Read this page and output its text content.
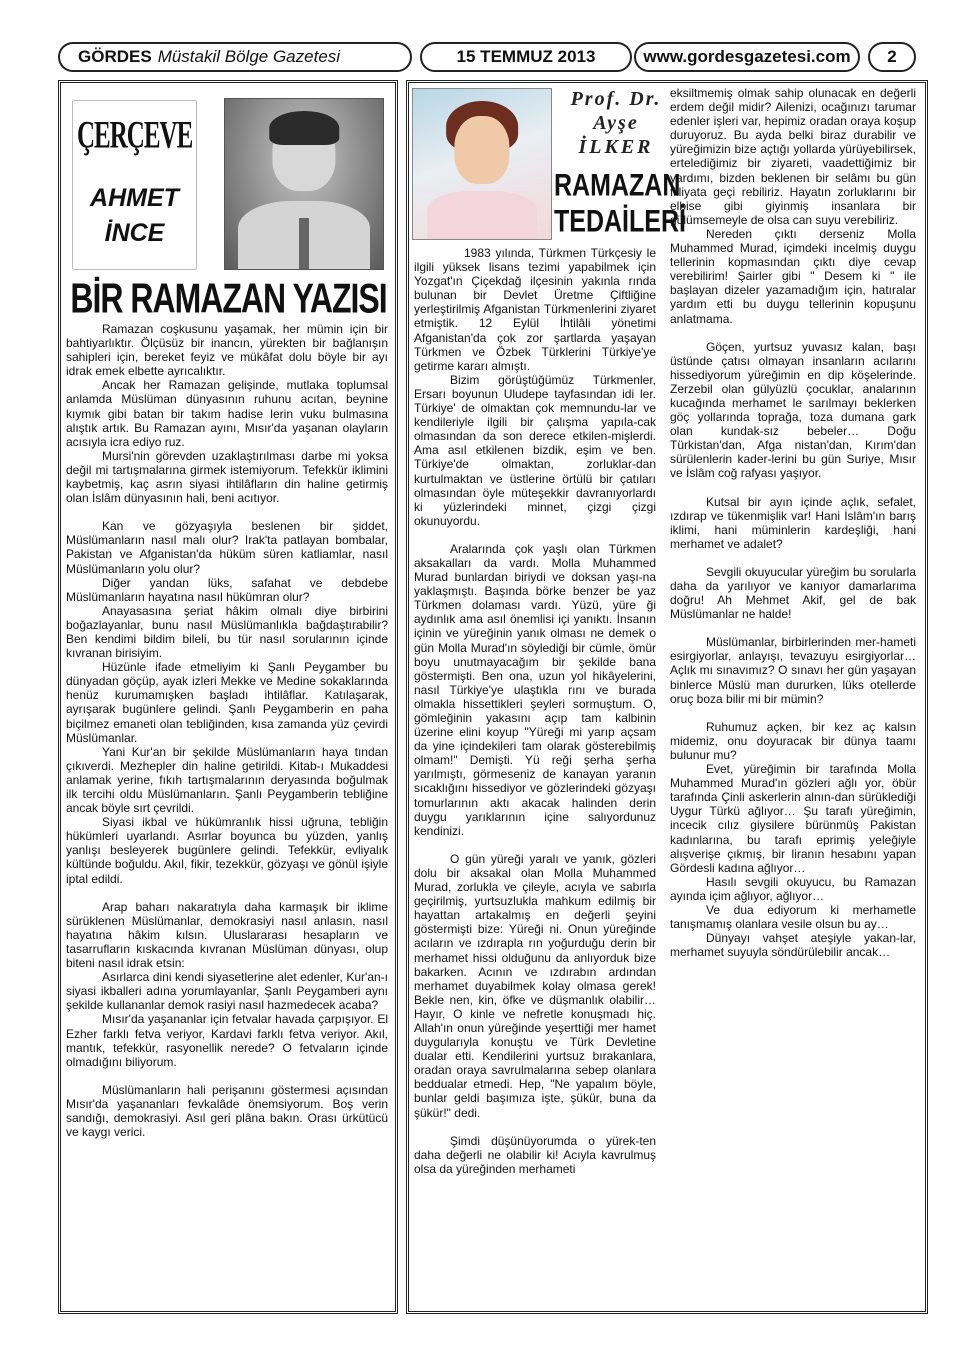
GÖRDES Müstakil Bölge Gazetesi	15 TEMMUZ 2013	www.gordesgazetesi.com 2
ÇERÇEVE
AHMET
İNCE
BİR RAMAZAN YAZISI

Ramazan coşkusunu yaşamak, her mümin için bir bahtiyarlıktır. Ölçüsüz bir inancın, yürekten bir bağlanışın sahipleri için, bereket feyiz ve mükâfat dolu böyle bir ayı idrak emek elbette ayrıcalıktır.

Ancak her Ramazan gelişinde, mutlaka toplumsal anlamda Müslüman dünyasının ruhunu acıtan, beynine kıymık gibi batan bir takım hadise lerin vuku bulmasına alıştık artık. Bu Ramazan ayını, Mısır'da yaşanan olayların acısıyla icra ediyo ruz.

Mursi'nin görevden uzaklaştırılması darbe mi yoksa değil mi tartışmalarına girmek istemiyorum. Tefekkür iklimini kaybetmiş, kaç asrın siyasi ihtilâfların din haline getirmiş olan İslâm dünyasının hali, beni acıtıyor.

Kan ve gözyaşıyla beslenen bir şiddet, Müslümanların nasıl malı olur? Irak'ta patlayan bombalar, Pakistan ve Afganistan'da hüküm süren katliamlar, nasıl Müslümanların yolu olur?

Diğer yandan lüks, safahat ve debdebe Müslümanların hayatına nasıl hükümran olur?

Anayasasına şeriat hâkim olmalı diye birbirini boğazlayanlar, bunu nasıl Müslümanlıkla bağdaştırabilir? Ben kendimi bildim bileli, bu tür nasıl sorularının içinde kıvranan birisiyim.

Hüzünle ifade etmeliyim ki Şanlı Peygamber bu dünyadan göçüp, ayak izleri Mekke ve Medine sokaklarında henüz kurumamışken başladı ihtilâflar. Katılaşarak, ayrışarak bugünlere gelindi. Şanlı Peygamberin en paha biçilmez emaneti olan tebliğinden, kısa zamanda yüz çevirdi Müslümanlar.

Yani Kur'an bir şekilde Müslümanların haya tından çıkıverdi. Mezhepler din haline getirildi. Kitab-ı Mukaddesi anlamak yerine, fıkıh tartışmalarının deryasında boğulmak ilk tercihi oldu Müslümanların. Şanlı Peygamberin tebliğine ancak böyle sırt çevrildi.

Siyasi ikbal ve hükümranlık hissi uğruna, tebliğin hükümleri uyarlandı. Asırlar boyunca bu yüzden, yanlış yanlışı besleyerek bugünlere gelindi. Tefekkür, evliyalık kültünde boğuldu. Akıl, fikir, tezekkür, gözyaşı ve gönül işiyle iptal edildi.

Arap baharı nakaratıyla daha karmaşık bir iklime sürüklenen Müslümanlar, demokrasiyi nasıl anlasın, nasıl hayatına hâkim kılsın. Uluslararası hesapların ve tasarrufların kıskacında kıvranan Müslüman dünyası, olup biteni nasıl idrak etsin:

Asırlarca dini kendi siyasetlerine alet edenler, Kur'an-ı siyasi ikballeri adına yorumlayanlar, Şanlı Peygamberi aynı şekilde kullananlar demok rasiyi nasıl hazmedecek acaba?

Mısır'da yaşananlar için fetvalar havada çarpışıyor. El Ezher farklı fetva veriyor, Kardavi farklı fetva veriyor. Akıl, mantık, tefekkür, rasyonellik nerede? O fetvaların içinde olmadığını biliyorum.

Müslümanların hali perişanını göstermesi açısından Mısır'da yaşananları fevkalâde önemsiyorum. Boş verin sandığı, demokrasiyi. Asıl geri plâna bakın. Orası ürkütücü ve kaygı verici.

Prof. Dr.
Ayşe
İLKER
RAMAZAN
TEDAİLERİ

1983 yılında, Türkmen Türkçesiy le ilgili yüksek lisans tezimi yapabilmek için Yozgat'ın Çiçekdağ ilçesinin yakınla rında bulunan bir Devlet Üretme Çiftliğine yerleştirilmiş Afganistan Türkmenlerini ziyaret etmiştik. 12 Eylül İhtilâli yönetimi Afganistan'da çok zor şartlarda yaşayan Türkmen ve Özbek Türklerini Türkiye'ye getirme kararı almıştı.

Bizim görüştüğümüz Türkmenler, Ersarı boyunun Uludepe tayfasından idi ler. Türkiye' de olmaktan çok memnundu-lar ve kendileriyle ilgili bir çalışma yapıla-cak olmasından da son derece etkilen-mişlerdi. Ama asıl etkilenen bizdik, eşim ve ben. Türkiye'de olmaktan, zorluklar-dan kurtulmaktan ve üstlerine örtülü bir çatıları olmasından öyle müteşekkir davranıyorlardı ki yüzlerindeki minnet, çizgi çizgi okunuyordu.

Aralarında çok yaşlı olan Türkmen aksakalları da vardı. Molla Muhammed Murad bunlardan biriydi ve doksan yaşı-na yaklaşmıştı. Başında börke benzer be yaz Türkmen dolaması vardı. Yüzü, yüre ği aydınlık ama asıl önemlisi içi yanıktı. İnsanın içinin ve yüreğinin yanık olması ne demek o gün Molla Murad'ın söylediği bir cümle, ömür boyu unutmayacağım bir şekilde bana göstermişti. Ben ona, uzun yol hikâyelerini, nasıl Türkiye'ye ulaştıkla rını ve burada olmakla hissettikleri şeyleri sormuştum. O, gömleğinin yakasını açıp tam kalbinin üzerine elini koyup "Yüreği mi yarıp açsam da yine içindekileri tam olarak gösterebilmiş olmam!" Demişti. Yü reği şerha şerha yarılmıştı, görmeseniz de kanayan yaranın sıcaklığını hissediyor ve gözlerindeki gözyaşı tomurlarının aktı akacak halinden derin duygu yarıklarının içine salıyordunuz kendinizi.

O gün yüreği yaralı ve yanık, gözleri dolu bir aksakal olan Molla Muhammed Murad, zorlukla ve çileyle, acıyla ve sabırla geçirilmiş, yurtsuzlukla mahkum edilmiş bir hayattan artakalmış en değerli şeyini göstermişti bize: Yüreği ni. Onun yüreğinde acıların ve ızdırapla rın yoğurduğu derin bir merhamet hissi olduğunu da anlıyorduk bize bakarken. Acının ve ızdırabın ardından merhamet duyabilmek kolay olmasa gerek! Bekle nen, kin, öfke ve düşmanlık olabilir… Hayır, O kinle ve nefretle konuşmadı hiç. Allah'ın onun yüreğinde yeşerttiği mer hamet duygularıyla konuştu ve Türk Devletine dualar etti. Kendilerini yurtsuz bırakanlara, oradan oraya savrulmalarına sebep olanlara beddualar etmedi. Hep, "Ne yapalım böyle, bunlar geldi başımıza işte, şükür, buna da şükür!" dedi.

Şimdi düşünüyorumda o yürek-ten daha değerli ne olabilir ki! Acıyla kavrulmuş olsa da yüreğinden merhameti

eksiltmemiş olmak sahip olunacak en değerli erdem değil midir? Ailenizi, ocağınızı tarumar edenler işleri var, hepimiz oradan oraya koşup duruyoruz. Bu ayda belki biraz durabilir ve yüreğimizin bize açtığı yollarda yürüyebilirsek, ertelediğimiz bir ziyareti, vaadettiğimiz bir yardımı, bizden beklenen bir selâmı bu gün fiiliyata geçi rebiliriz. Hayatın zorluklarını bir elbise gibi giyinmiş insanlara bir gülümsemeyle de olsa can suyu verebiliriz.

Nereden çıktı derseniz Molla Muhammed Murad, içimdeki incelmiş duygu tellerinin kopmasından çıktı diye cevap verebilirim! Şairler gibi " Desem ki " ile başlayan dizeler yazamadığım için, hatıralar yardım etti bu duygu tellerinin kopuşunu anlatmama.

Göçen, yurtsuz yuvasız kalan, başı üstünde çatısı olmayan insanların acılarını hissediyorum yüreğimin en dip köşelerinde. Zerzebil olan gülyüzlü çocuklar, analarının kucağında merhamet le sarılmayı beklerken göç yollarında toprağa, toza dumana gark olan kundak-sız bebeler… Doğu Türkistan'dan, Afga nistan'dan, Kırım'dan sürülenlerin kader-lerini bu gün Suriye, Mısır ve İslâm coğ rafyası yaşıyor.

Kutsal bir ayın içinde açlık, sefalet, ızdırap ve tükenmişlik var! Hani İslâm'ın barış iklimi, hani müminlerin kardeşliği, hani merhamet ve adalet?

Sevgili okuyucular yüreğim bu sorularla daha da yarılıyor ve kanıyor damarlarıma doğru! Ah Mehmet Akif, gel de bak Müslümanlar ne halde!

Müslümanlar, birbirlerinden mer-hameti esirgiyorlar, anlayışı, tevazuyu esirgiyorlar… Açlık mı sınavımız? O sınavı her gün yaşayan binlerce Müslü man dururken, lüks otellerde oruç boza bilir mi bir mümin?

Ruhumuz açken, bir kez aç kalsın midemiz, onu doyuracak bir dünya taamı bulunur mu?

Evet, yüreğimin bir tarafında Molla Muhammed Murad'ın gözleri ağlı yor, öbür tarafında Çinli askerlerin alnın-dan sürüklediği Uygur Türkü ağlıyor… Şu tarafı yüreğimin, incecik cılız giysilere bürünmüş Pakistan kadınlarına, bu tarafı eprimiş yeleğiyle alışverişe çıkmış, bir liranın hesabını yapan Gördesli kadına ağlıyor…

Hasılı sevgili okuyucu, bu Ramazan ayında içim ağlıyor, ağlıyor…

Ve dua ediyorum ki merhametle tanışmamış olanlara vesile olsun bu ay…

Dünyayı vahşet ateşiyle yakan-lar, merhamet suyuyla söndürülebilir ancak…
